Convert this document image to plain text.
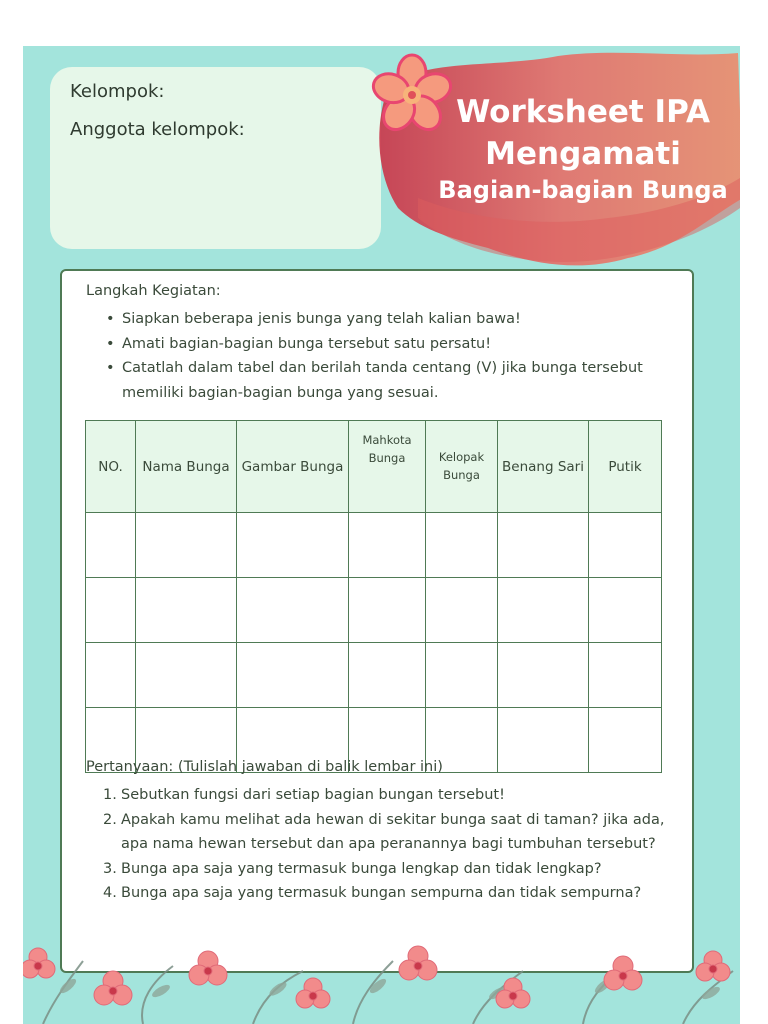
Kelompok:
Anggota kelompok:	Worksheet IPA
Mengamati
Bagian-bagian Bunga
Langkah Kegiatan:
• Siapkan beberapa jenis bunga yang telah kalian bawa!
• Amati bagian-bagian bunga tersebut satu persatu!
• Catatlah dalam tabel dan berilah tanda centang (V) jika bunga tersebut memiliki bagian-bagian bunga yang sesuai.
NO.	Nama Bunga	Gambar Bunga	Mahkota Bunga	Kelopak Bunga	Benang Sari	Putik

Pertanyaan: (Tulislah jawaban di balik lembar ini)
1. Sebutkan fungsi dari setiap bagian bungan tersebut!
2. Apakah kamu melihat ada hewan di sekitar bunga saat di taman? jika ada, apa nama hewan tersebut dan apa peranannya bagi tumbuhan tersebut?
3. Bunga apa saja yang termasuk bunga lengkap dan tidak lengkap?
4. Bunga apa saja yang termasuk bungan sempurna dan tidak sempurna?
